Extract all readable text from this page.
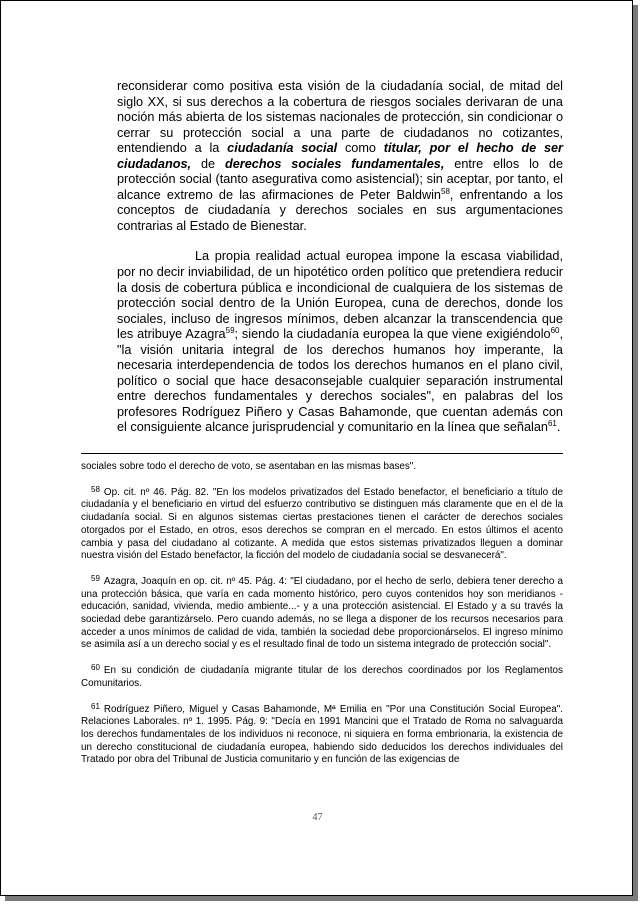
reconsiderar como positiva esta visión de la ciudadanía social, de mitad del siglo XX, si sus derechos a la cobertura de riesgos sociales derivaran de una noción más abierta de los sistemas nacionales de protección, sin condicionar o cerrar su protección social a una parte de ciudadanos no cotizantes, entendiendo a la ciudadanía social como titular, por el hecho de ser ciudadanos, de derechos sociales fundamentales, entre ellos lo de protección social (tanto asegurativa como asistencial); sin aceptar, por tanto, el alcance extremo de las afirmaciones de Peter Baldwin$^{58}$, enfrentando a los conceptos de ciudadanía y derechos sociales en sus argumentaciones contrarias al Estado de Bienestar.

La propia realidad actual europea impone la escasa viabilidad, por no decir inviabilidad, de un hipotético orden político que pretendiera reducir la dosis de cobertura pública e incondicional de cualquiera de los sistemas de protección social dentro de la Unión Europea, cuna de derechos, donde los sociales, incluso de ingresos mínimos, deben alcanzar la transcendencia que les atribuye Azagra$^{59}$; siendo la ciudadanía europea la que viene exigiéndolo$^{60}$, "la visión unitaria integral de los derechos humanos hoy imperante, la necesaria interdependencia de todos los derechos humanos en el plano civil, político o social que hace desaconsejable cualquier separación instrumental entre derechos fundamentales y derechos sociales", en palabras del los profesores Rodríguez Piñero y Casas Bahamonde, que cuentan además con el consiguiente alcance jurisprudencial y comunitario en la línea que señalan$^{61}$.

sociales sobre todo el derecho de voto, se asentaban en las mismas bases".

$^{58}$ Op. cit. nº 46. Pág. 82. "En los modelos privatizados del Estado benefactor, el beneficiario a título de ciudadanía y el beneficiario en virtud del esfuerzo contributivo se distinguen más claramente que en el de la ciudadanía social. Si en algunos sistemas ciertas prestaciones tienen el carácter de derechos sociales otorgados por el Estado, en otros, esos derechos se compran en el mercado. En estos últimos el acento cambia y pasa del ciudadano al cotizante. A medida que estos sistemas privatizados lleguen a dominar nuestra visión del Estado benefactor, la ficción del modelo de ciudadanía social se desvanecerá".

$^{59}$ Azagra, Joaquín en op. cit. nº 45. Pág. 4: "El ciudadano, por el hecho de serlo, debiera tener derecho a una protección básica, que varía en cada momento histórico, pero cuyos contenidos hoy son meridianos -educación, sanidad, vivienda, medio ambiente...- y a una protección asistencial. El Estado y a su través la sociedad debe garantizárselo. Pero cuando además, no se llega a disponer de los recursos necesarios para acceder a unos mínimos de calidad de vida, también la sociedad debe proporcionárselos. El ingreso mínimo se asimila así a un derecho social y es el resultado final de todo un sistema integrado de protección social".

$^{60}$ En su condición de ciudadanía migrante titular de los derechos coordinados por los Reglamentos Comunitarios.

$^{61}$ Rodríguez Piñero, Miguel y Casas Bahamonde, Mª Emilia en "Por una Constitución Social Europea". Relaciones Laborales. nº 1. 1995. Pág. 9: "Decía en 1991 Mancini que el Tratado de Roma no salvaguarda los derechos fundamentales de los individuos ni reconoce, ni siquiera en forma embrionaria, la existencia de un derecho constitucional de ciudadanía europea, habiendo sido deducidos los derechos individuales del Tratado por obra del Tribunal de Justicia comunitario y en función de las exigencias de

47
